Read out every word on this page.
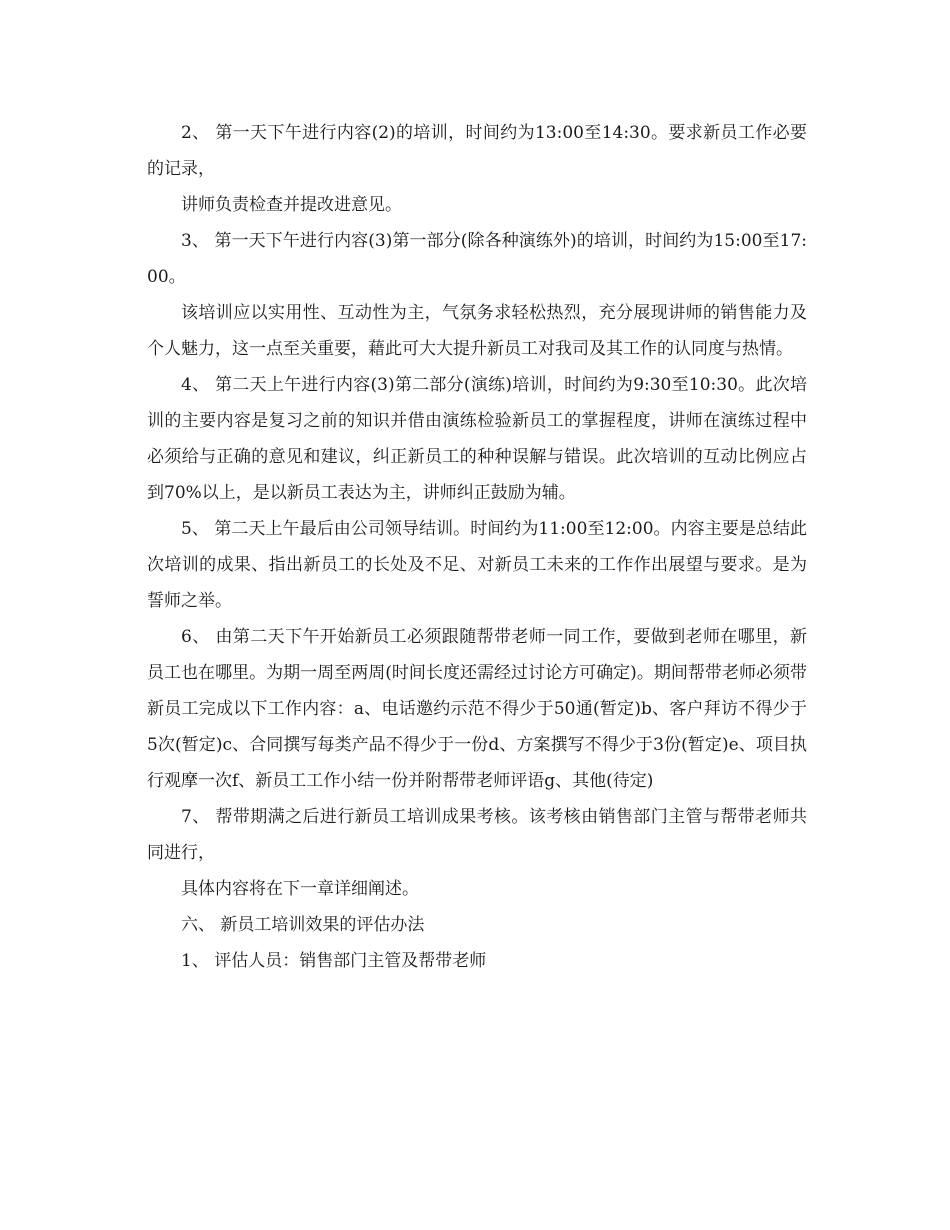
2、 第一天下午进行内容(2)的培训，时间约为13:00至14:30。要求新员工作必要的记录，

讲师负责检查并提改进意见。

3、 第一天下午进行内容(3)第一部分(除各种演练外)的培训，时间约为15:00至17:00。

该培训应以实用性、互动性为主，气氛务求轻松热烈，充分展现讲师的销售能力及个人魅力，这一点至关重要，藉此可大大提升新员工对我司及其工作的认同度与热情。

4、 第二天上午进行内容(3)第二部分(演练)培训，时间约为9:30至10:30。此次培训的主要内容是复习之前的知识并借由演练检验新员工的掌握程度，讲师在演练过程中必须给与正确的意见和建议，纠正新员工的种种误解与错误。此次培训的互动比例应占到70%以上，是以新员工表达为主，讲师纠正鼓励为辅。

5、 第二天上午最后由公司领导结训。时间约为11:00至12:00。内容主要是总结此次培训的成果、指出新员工的长处及不足、对新员工未来的工作作出展望与要求。是为誓师之举。

6、 由第二天下午开始新员工必须跟随帮带老师一同工作，要做到老师在哪里，新员工也在哪里。为期一周至两周(时间长度还需经过讨论方可确定)。期间帮带老师必须带新员工完成以下工作内容：a、电话邀约示范不得少于50通(暂定)b、客户拜访不得少于5次(暂定)c、合同撰写每类产品不得少于一份d、方案撰写不得少于3份(暂定)e、项目执行观摩一次f、新员工工作小结一份并附帮带老师评语g、其他(待定)

7、 帮带期满之后进行新员工培训成果考核。该考核由销售部门主管与帮带老师共同进行，

具体内容将在下一章详细阐述。

六、 新员工培训效果的评估办法

1、 评估人员：销售部门主管及帮带老师
